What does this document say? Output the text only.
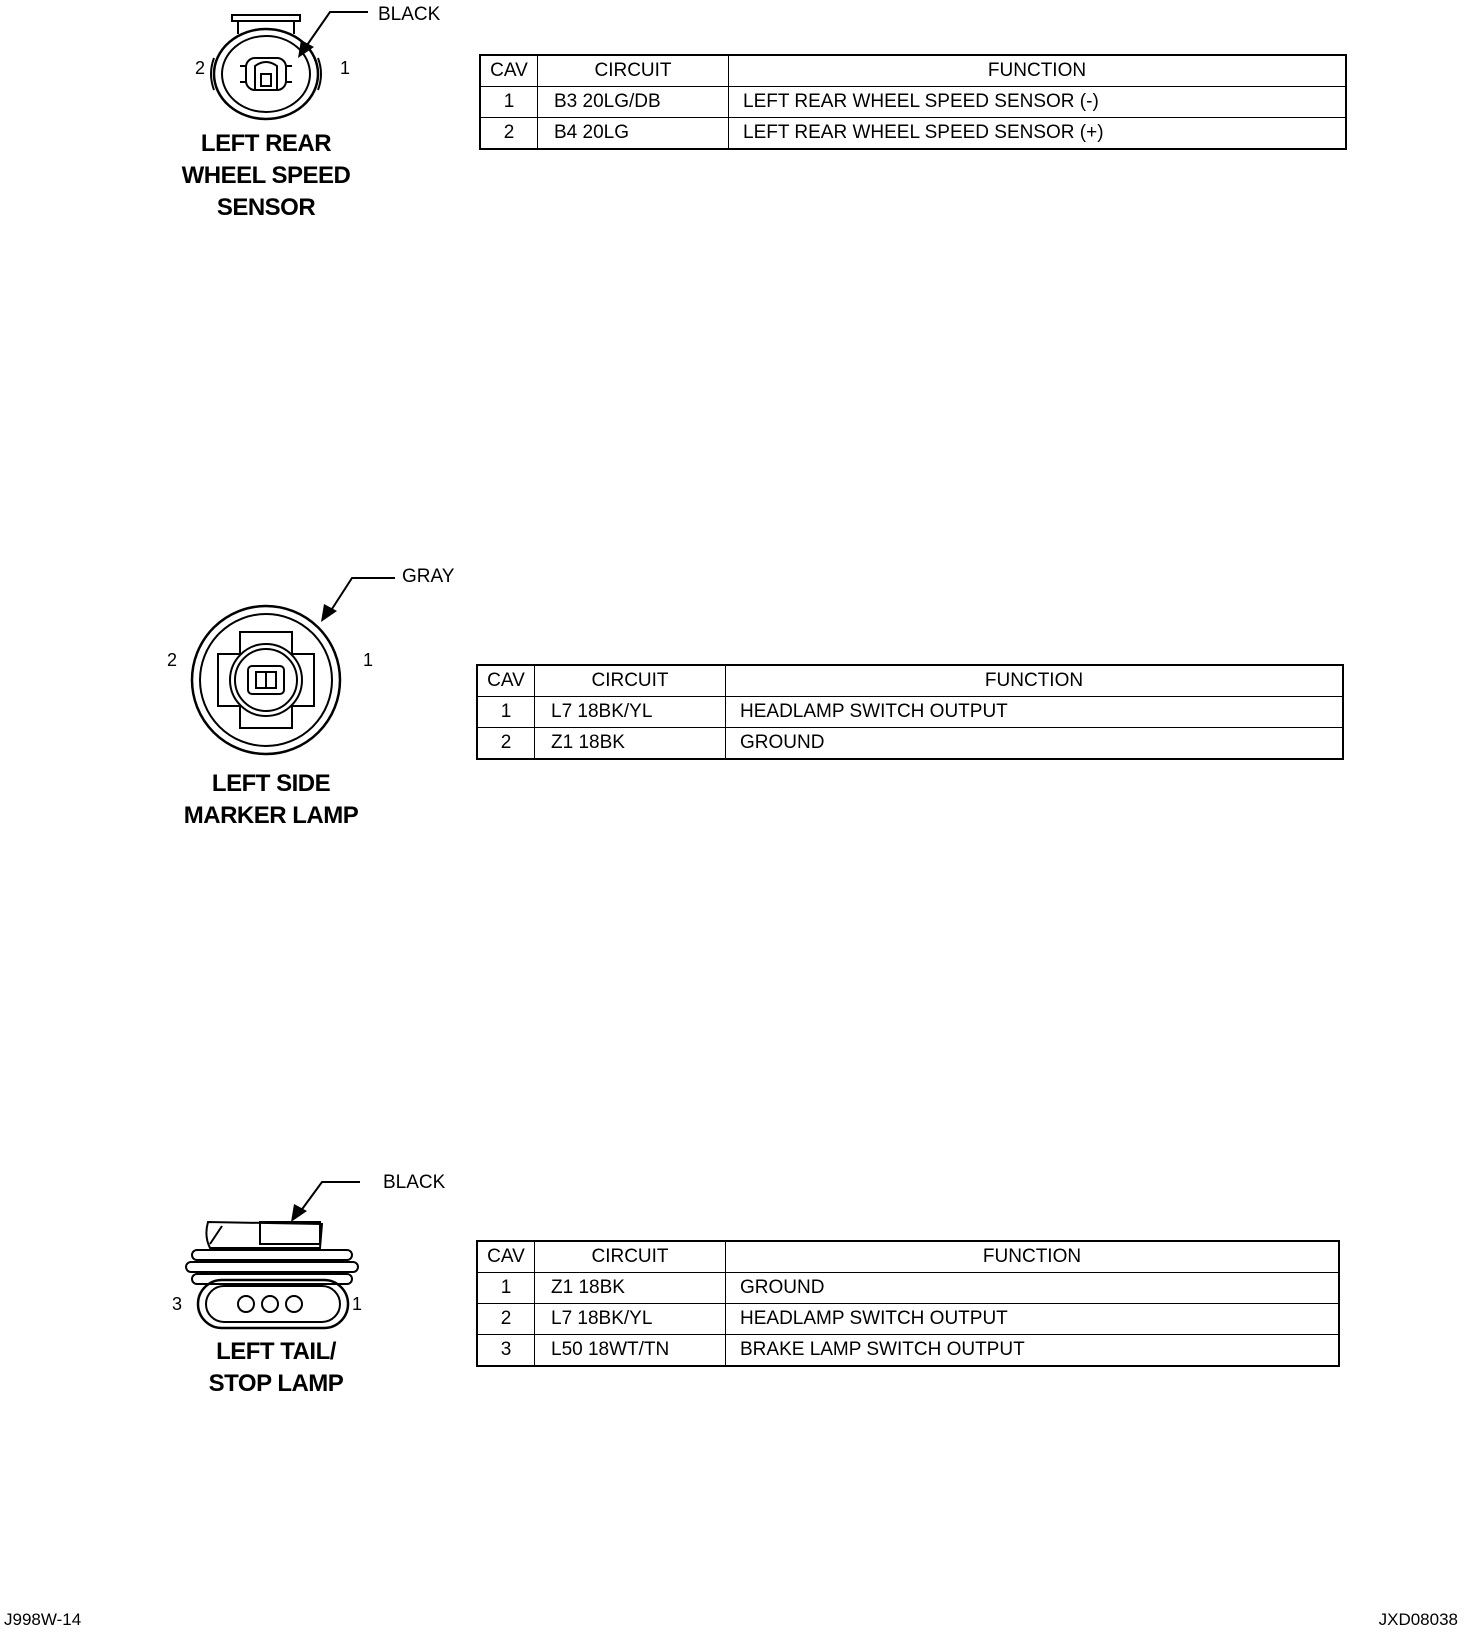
BLACK
2	1
LEFT REAR
WHEEL SPEED
SENSOR
CAV	CIRCUIT	FUNCTION
1	B3 20LG/DB	LEFT REAR WHEEL SPEED SENSOR (-)
2	B4 20LG	LEFT REAR WHEEL SPEED SENSOR (+)
GRAY
2	1
LEFT SIDE
MARKER LAMP
CAV	CIRCUIT	FUNCTION
1	L7 18BK/YL	HEADLAMP SWITCH OUTPUT
2	Z1 18BK	GROUND
BLACK
3	1
LEFT TAIL/
STOP LAMP
CAV	CIRCUIT	FUNCTION
1	Z1 18BK	GROUND
2	L7 18BK/YL	HEADLAMP SWITCH OUTPUT
3	L50 18WT/TN	BRAKE LAMP SWITCH OUTPUT
J998W-14	JXD08038
